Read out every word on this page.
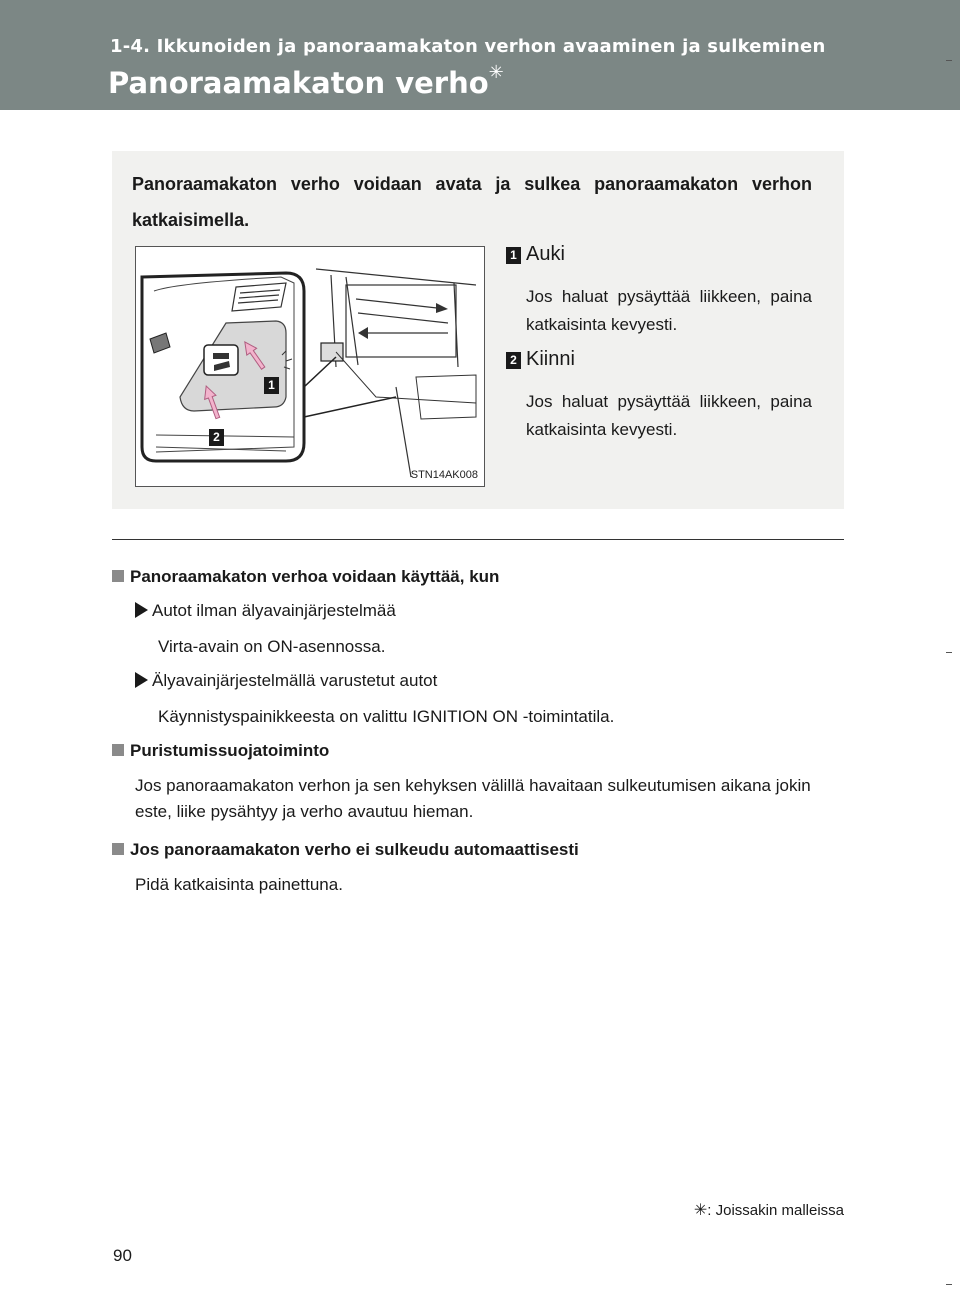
1-4. Ikkunoiden ja panoraamakaton verhon avaaminen ja sulkeminen
Panoraamakaton verho✳
Panoraamakaton verho voidaan avata ja sulkea panoraamakaton verhon katkaisimella.
1
2
STN14AK008
1 Auki
Jos haluat pysäyttää liikkeen, paina katkaisinta kevyesti.
2 Kiinni
Jos haluat pysäyttää liikkeen, paina katkaisinta kevyesti.
Panoraamakaton verhoa voidaan käyttää, kun
Autot ilman älyavainjärjestelmää
Virta-avain on ON-asennossa.
Älyavainjärjestelmällä varustetut autot
Käynnistyspainikkeesta on valittu IGNITION ON -toimintatila.
Puristumissuojatoiminto
Jos panoraamakaton verhon ja sen kehyksen välillä havaitaan sulkeutumisen aikana jokin este, liike pysähtyy ja verho avautuu hieman.
Jos panoraamakaton verho ei sulkeudu automaattisesti
Pidä katkaisinta painettuna.
✳: Joissakin malleissa
90
